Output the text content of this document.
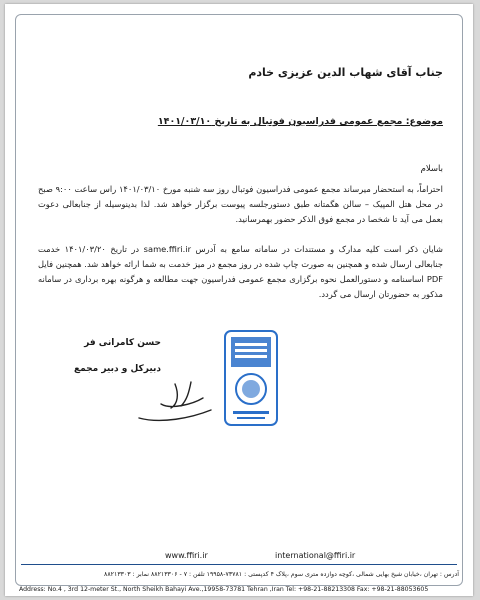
جناب آقای شهاب الدین عزیزی خادم
موضوع: مجمع عمومی فدراسیون فوتبال به تاریخ ۱۴۰۱/۰۳/۱۰
باسلام
احتراماً، به استحضار میرساند مجمع عمومی فدراسیون فوتبال روز سه شنبه مورخ ۱۴۰۱/۰۳/۱۰ راس ساعت ۹:۰۰ صبح در محل هتل المپیک – سالن هگمتانه طبق دستورجلسه پیوست برگزار خواهد شد. لذا بدینوسیله از جنابعالی دعوت بعمل می آید تا شخصا در مجمع فوق الذکر حضور بهمرسانید.
شایان ذکر است کلیه مدارک و مستندات در سامانه سامع به آدرس same.ffiri.ir در تاریخ ۱۴۰۱/۰۳/۲۰ خدمت جنابعالی ارسال شده و همچنین به صورت چاپ شده در روز مجمع در میز خدمت به شما ارائه خواهد شد. همچنین فایل PDF اساسنامه و دستورالعمل نحوه برگزاری مجمع عمومی فدراسیون جهت مطالعه و هرگونه بهره برداری در سامانه مذکور به حضورتان ارسال می گردد.
حسن کامرانی فر
دبیرکل و دبیر مجمع
www.ffiri.ir	international@ffiri.ir
آدرس : تهران ،خیابان شیخ بهایی شمالی ،کوچه دوازده متری سوم ،پلاک ۴ کدپستی : ۷۳۷۸۱-۱۹۹۵۸ تلفن : ۷ - ۸۸۲۱۳۳۰۶ نمابر : ۸۸۲۱۳۳۰۳
Address: No.4 , 3rd 12-meter St., North Sheikh Bahayi Ave.,19958-73781 Tehran ,Iran Tel: +98-21-88213308 Fax: +98-21-88053605
